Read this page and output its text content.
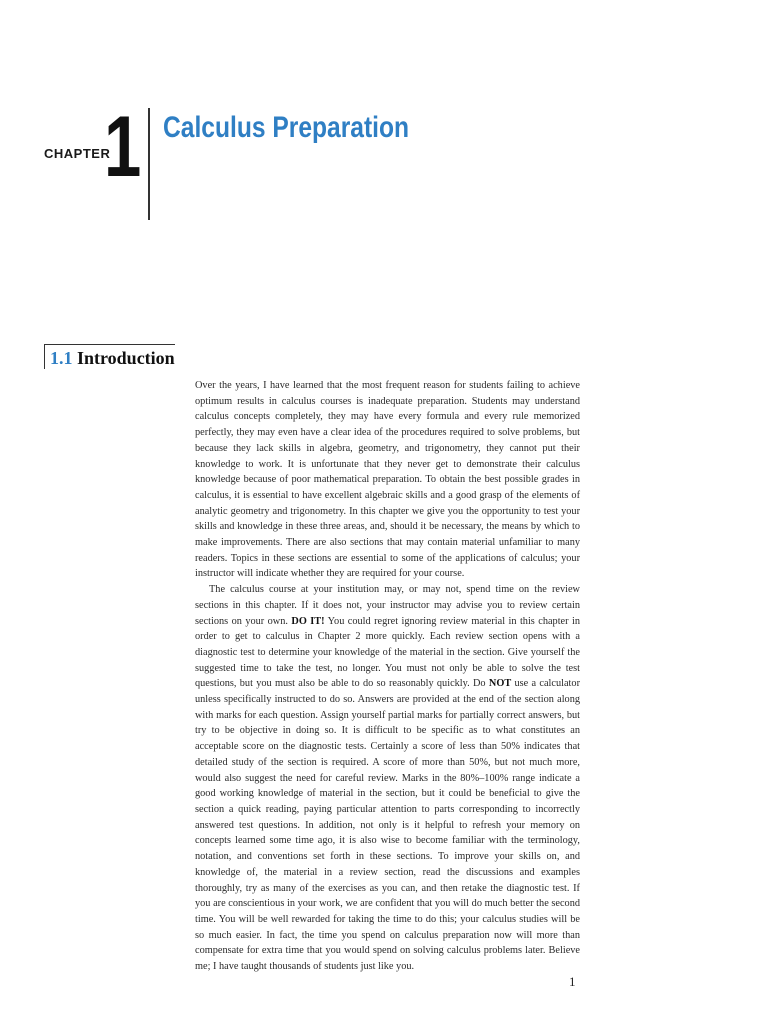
CHAPTER
1 Calculus Preparation
1.1 Introduction

Over the years, I have learned that the most frequent reason for students failing to achieve optimum results in calculus courses is inadequate preparation. Students may understand calculus concepts completely, they may have every formula and every rule memorized perfectly, they may even have a clear idea of the procedures required to solve problems, but because they lack skills in algebra, geometry, and trigonometry, they cannot put their knowledge to work. It is unfortunate that they never get to demonstrate their calculus knowledge because of poor mathematical preparation. To obtain the best possible grades in calculus, it is essential to have excellent algebraic skills and a good grasp of the elements of analytic geometry and trigonometry. In this chapter we give you the opportunity to test your skills and knowledge in these three areas, and, should it be necessary, the means by which to make improvements. There are also sections that may contain material unfamiliar to many readers. Topics in these sections are essential to some of the applications of calculus; your instructor will indicate whether they are required for your course.

The calculus course at your institution may, or may not, spend time on the review sections in this chapter. If it does not, your instructor may advise you to review certain sections on your own. DO IT! You could regret ignoring review material in this chapter in order to get to calculus in Chapter 2 more quickly. Each review section opens with a diagnostic test to determine your knowledge of the material in the section. Give yourself the suggested time to take the test, no longer. You must not only be able to solve the test questions, but you must also be able to do so reasonably quickly. Do NOT use a calculator unless specifically instructed to do so. Answers are provided at the end of the section along with marks for each question. Assign yourself partial marks for partially correct answers, but try to be objective in doing so. It is difficult to be specific as to what constitutes an acceptable score on the diagnostic tests. Certainly a score of less than 50% indicates that detailed study of the section is required. A score of more than 50%, but not much more, would also suggest the need for careful review. Marks in the 80%–100% range indicate a good working knowledge of material in the section, but it could be beneficial to give the section a quick reading, paying particular attention to parts corresponding to incorrectly answered test questions. In addition, not only is it helpful to refresh your memory on concepts learned some time ago, it is also wise to become familiar with the terminology, notation, and conventions set forth in these sections. To improve your skills on, and knowledge of, the material in a review section, read the discussions and examples thoroughly, try as many of the exercises as you can, and then retake the diagnostic test. If you are conscientious in your work, we are confident that you will do much better the second time. You will be well rewarded for taking the time to do this; your calculus studies will be so much easier. In fact, the time you spend on calculus preparation now will more than compensate for extra time that you would spend on solving calculus problems later. Believe me; I have taught thousands of students just like you.

1
